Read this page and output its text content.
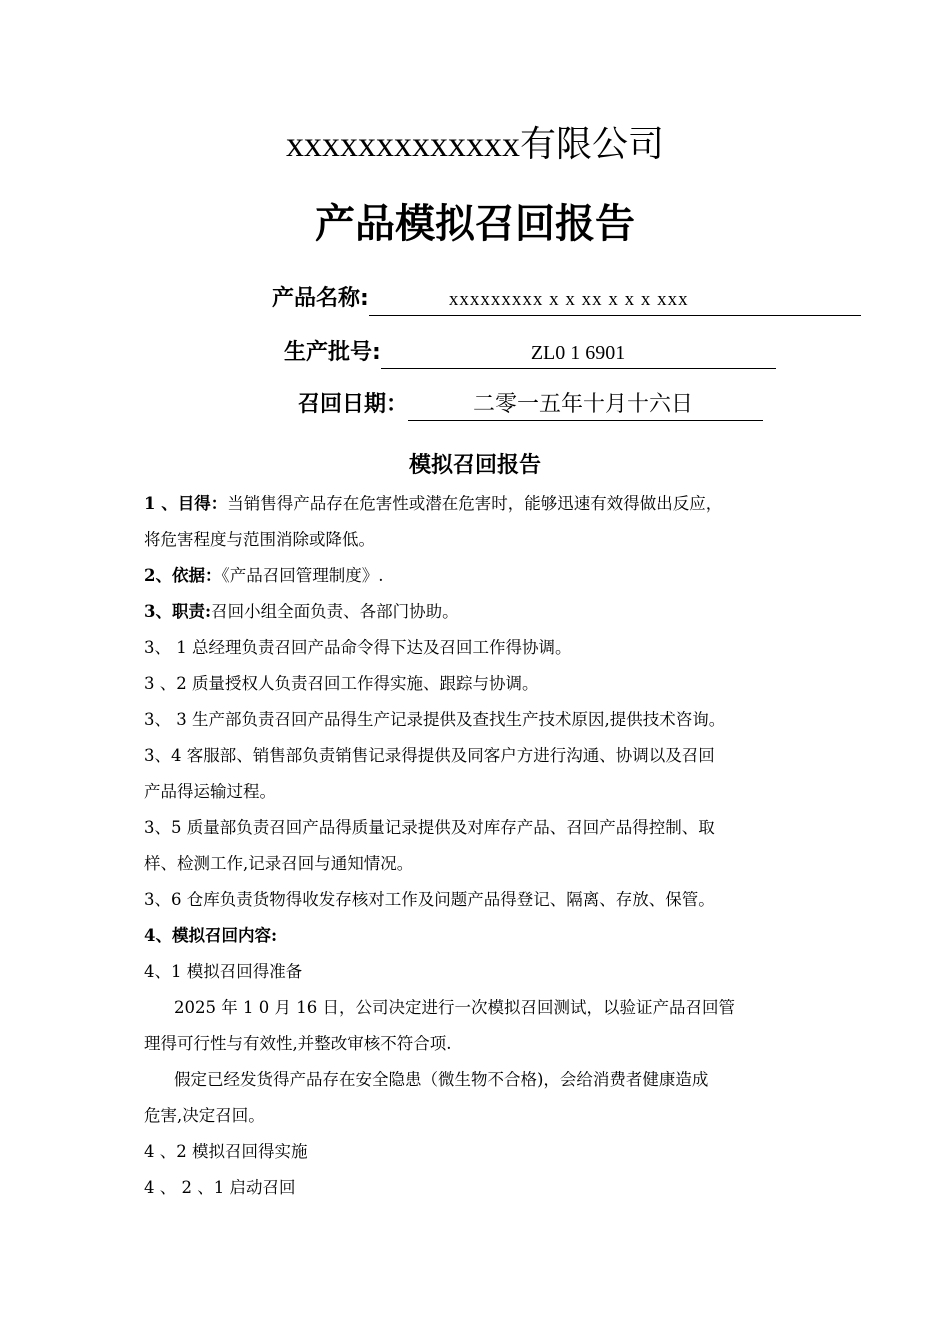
xxxxxxxxxxxxx有限公司
产品模拟召回报告
产品名称:	xxxxxxxxx x x xx x x x xxx
生产批号:	ZL0 1 6901
召回日期：	二零一五年十月十六日
模拟召回报告
1 、目得：当销售得产品存在危害性或潜在危害时，能够迅速有效得做出反应，
将危害程度与范围消除或降低。
2、依据：《产品召回管理制度》.
3、职责:召回小组全面负责、各部门协助。
3、 1 总经理负责召回产品命令得下达及召回工作得协调。
3 、2 质量授权人负责召回工作得实施、跟踪与协调。
3、 3 生产部负责召回产品得生产记录提供及查找生产技术原因,提供技术咨询。
3、4 客服部、销售部负责销售记录得提供及同客户方进行沟通、协调以及召回
产品得运输过程。
3、5 质量部负责召回产品得质量记录提供及对库存产品、召回产品得控制、取
样、检测工作,记录召回与通知情况。
3、6 仓库负责货物得收发存核对工作及问题产品得登记、隔离、存放、保管。
4、模拟召回内容:
4、1 模拟召回得准备
2025 年 1 0 月 16 日，公司决定进行一次模拟召回测试，以验证产品召回管
理得可行性与有效性,并整改审核不符合项.
假定已经发货得产品存在安全隐患（微生物不合格)，会给消费者健康造成
危害,决定召回。
4 、2 模拟召回得实施
4 、 2 、1 启动召回
